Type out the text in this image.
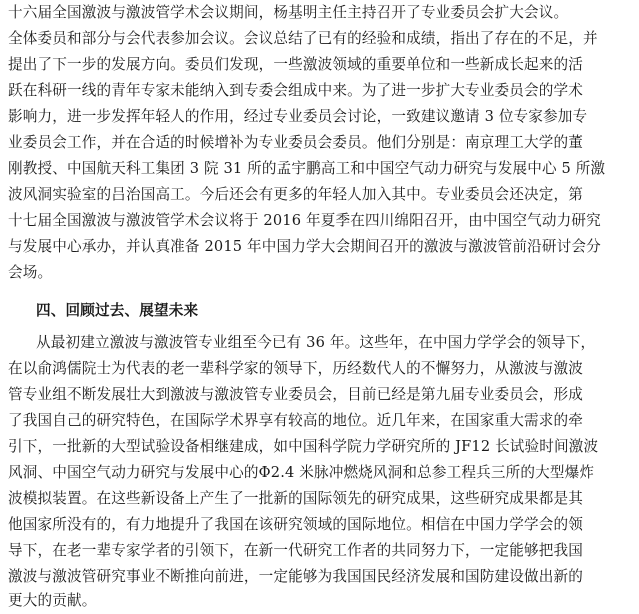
十六届全国激波与激波管学术会议期间，杨基明主任主持召开了专业委员会扩大会议。
全体委员和部分与会代表参加会议。会议总结了已有的经验和成绩，指出了存在的不足，并
提出了下一步的发展方向。委员们发现，一些激波领域的重要单位和一些新成长起来的活
跃在科研一线的青年专家未能纳入到专委会组成中来。为了进一步扩大专业委员会的学术
影响力，进一步发挥年轻人的作用，经过专业委员会讨论，一致建议邀请 3 位专家参加专
业委员会工作，并在合适的时候增补为专业委员会委员。他们分别是：南京理工大学的董
刚教授、中国航天科工集团 3 院 31 所的孟宇鹏高工和中国空气动力研究与发展中心 5 所激
波风洞实验室的吕治国高工。今后还会有更多的年轻人加入其中。专业委员会还决定，第
十七届全国激波与激波管学术会议将于 2016 年夏季在四川绵阳召开，由中国空气动力研究
与发展中心承办，并认真准备 2015 年中国力学大会期间召开的激波与激波管前沿研讨会分
会场。
四、回顾过去、展望未来
从最初建立激波与激波管专业组至今已有 36 年。这些年，在中国力学学会的领导下，
在以俞鸿儒院士为代表的老一辈科学家的领导下，历经数代人的不懈努力，从激波与激波
管专业组不断发展壮大到激波与激波管专业委员会，目前已经是第九届专业委员会，形成
了我国自己的研究特色，在国际学术界享有较高的地位。近几年来，在国家重大需求的牵
引下，一批新的大型试验设备相继建成，如中国科学院力学研究所的 JF12 长试验时间激波
风洞、中国空气动力研究与发展中心的Φ2.4 米脉冲燃烧风洞和总参工程兵三所的大型爆炸
波模拟装置。在这些新设备上产生了一批新的国际领先的研究成果，这些研究成果都是其
他国家所没有的，有力地提升了我国在该研究领域的国际地位。相信在中国力学学会的领
导下，在老一辈专家学者的引领下，在新一代研究工作者的共同努力下，一定能够把我国
激波与激波管研究事业不断推向前进，一定能够为我国国民经济发展和国防建设做出新的
更大的贡献。
